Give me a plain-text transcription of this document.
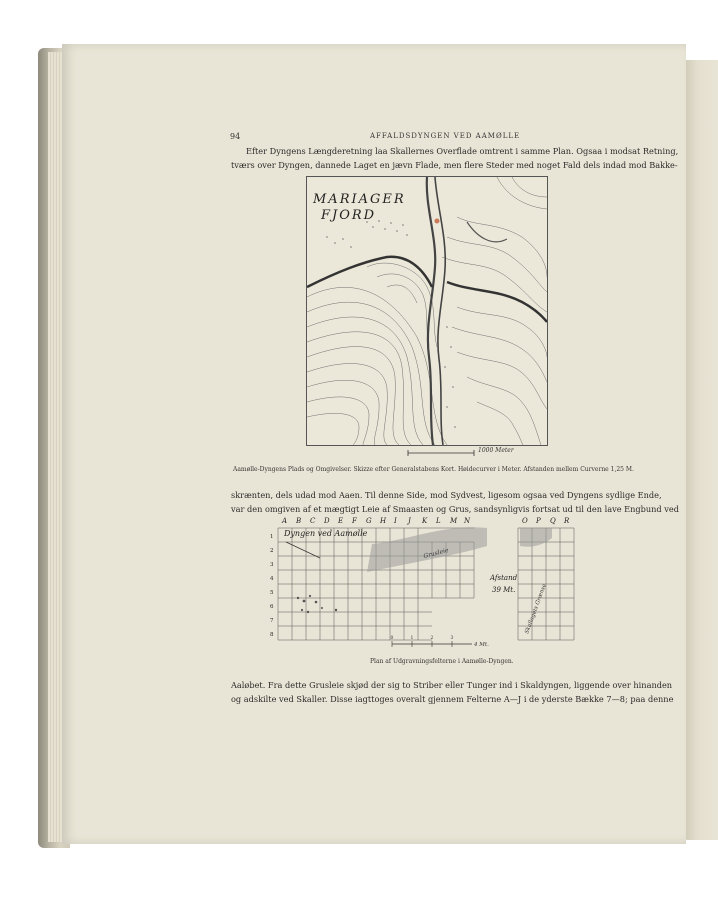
94	AFFALDSDYNGEN VED AAMØLLE
Efter Dyngens Længderetning laa Skallernes Overflade omtrent i samme Plan. Ogsaa i modsat Retning,
tværs over Dyngen, dannede Laget en jævn Flade, men flere Steder med noget Fald dels indad mod Bakke-
MARIAGER
FJORD
1000 Meter
Aamølle-Dyngens Plads og Omgivelser. Skizze efter Generalstabens Kort. Høidecurver i Meter. Afstanden mellem Curverne 1,25 M.
skrænten, dels udad mod Aaen. Til denne Side, mod Sydvest, ligesom ogsaa ved Dyngens sydlige Ende,
var den omgiven af et mægtigt Leie af Smaasten og Grus, sandsynligvis fortsat ud til den lave Engbund ved
A B C D E F G H I J K L M N	O P Q R
1
2
3
4
5
6
7
8
Dyngen ved Aamølle
Grusleie
Afstand
39 Mt. Skallagets Grænse
0	1	2	3
4 Mt.
Plan af Udgravningsfelterne i Aamølle-Dyngen.
Aaløbet. Fra dette Grusleie skjød der sig to Striber eller Tunger ind i Skaldyngen, liggende over hinanden
og adskilte ved Skaller. Disse iagttoges overalt gjennem Felterne A—J i de yderste Bække 7—8; paa denne
